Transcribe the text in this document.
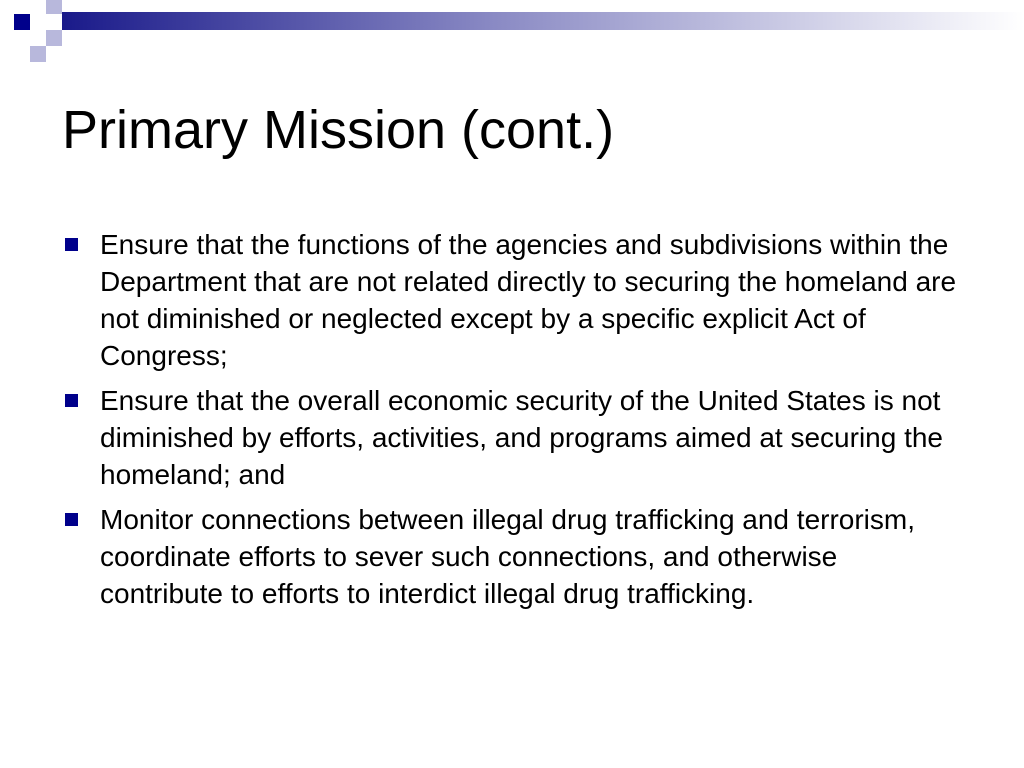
Primary Mission (cont.)
Ensure that the functions of the agencies and subdivisions within the Department that are not related directly to securing the homeland are not diminished or neglected except by a specific explicit Act of Congress;
Ensure that the overall economic security of the United States is not diminished by efforts, activities, and programs aimed at securing the homeland; and
Monitor connections between illegal drug trafficking and terrorism, coordinate efforts to sever such connections, and otherwise contribute to efforts to interdict illegal drug trafficking.
